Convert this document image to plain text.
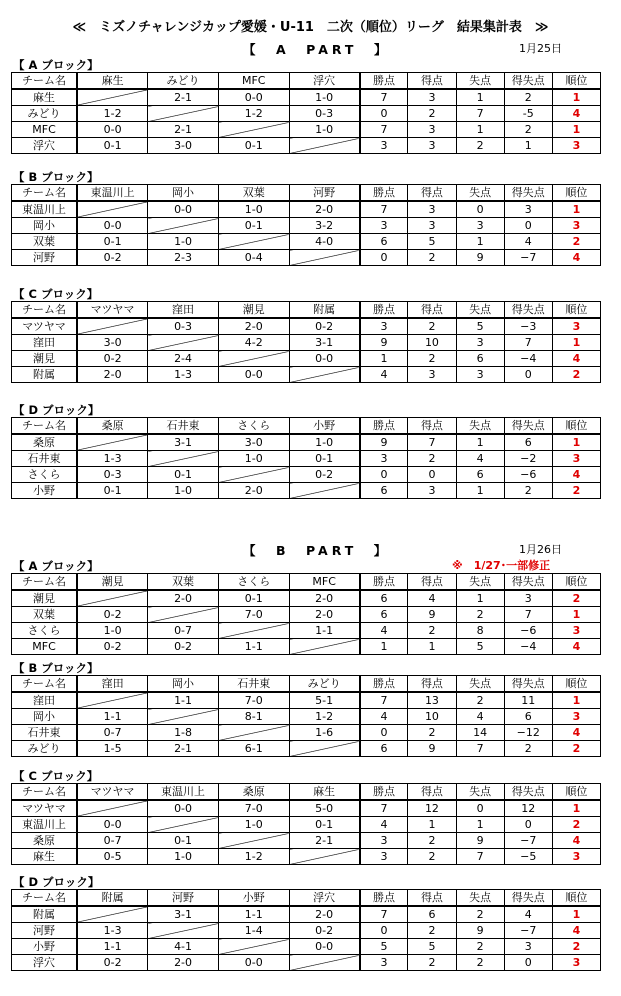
≪　ミズノチャレンジカップ愛媛・U-11　二次（順位）リーグ　結果集計表　≫
【　A　PART　】	1月25日
【　B　PART　】	1月26日
※　1/27･一部修正
【 A ブロック】
チーム名	麻生	みどり	MFC	浮穴	勝点	得点	失点	得失点	順位
麻生		2-1	0-0	1-0	7	3	1	2	1
みどり	1-2		1-2	0-3	0	2	7	-5	4
MFC	0-0	2-1		1-0	7	3	1	2	1
浮穴	0-1	3-0	0-1		3	3	2	1	3
【 B ブロック】
チーム名	東温川上	岡小	双葉	河野	勝点	得点	失点	得失点	順位
東温川上		0-0	1-0	2-0	7	3	0	3	1
岡小	0-0		0-1	3-2	3	3	3	0	3
双葉	0-1	1-0		4-0	6	5	1	4	2
河野	0-2	2-3	0-4		0	2	9	−7	4
【 C ブロック】
チーム名	マツヤマ	窪田	潮見	附属	勝点	得点	失点	得失点	順位
マツヤマ		0-3	2-0	0-2	3	2	5	−3	3
窪田	3-0		4-2	3-1	9	10	3	7	1
潮見	0-2	2-4		0-0	1	2	6	−4	4
附属	2-0	1-3	0-0		4	3	3	0	2
【 D ブロック】
チーム名	桑原	石井東	さくら	小野	勝点	得点	失点	得失点	順位
桑原		3-1	3-0	1-0	9	7	1	6	1
石井東	1-3		1-0	0-1	3	2	4	−2	3
さくら	0-3	0-1		0-2	0	0	6	−6	4
小野	0-1	1-0	2-0		6	3	1	2	2
【 A ブロック】
チーム名	潮見	双葉	さくら	MFC	勝点	得点	失点	得失点	順位
潮見		2-0	0-1	2-0	6	4	1	3	2
双葉	0-2		7-0	2-0	6	9	2	7	1
さくら	1-0	0-7		1-1	4	2	8	−6	3
MFC	0-2	0-2	1-1		1	1	5	−4	4
【 B ブロック】
チーム名	窪田	岡小	石井東	みどり	勝点	得点	失点	得失点	順位
窪田		1-1	7-0	5-1	7	13	2	11	1
岡小	1-1		8-1	1-2	4	10	4	6	3
石井東	0-7	1-8		1-6	0	2	14	−12	4
みどり	1-5	2-1	6-1		6	9	7	2	2
【 C ブロック】
チーム名	マツヤマ	東温川上	桑原	麻生	勝点	得点	失点	得失点	順位
マツヤマ		0-0	7-0	5-0	7	12	0	12	1
東温川上	0-0		1-0	0-1	4	1	1	0	2
桑原	0-7	0-1		2-1	3	2	9	−7	4
麻生	0-5	1-0	1-2		3	2	7	−5	3
【 D ブロック】
チーム名	附属	河野	小野	浮穴	勝点	得点	失点	得失点	順位
附属		3-1	1-1	2-0	7	6	2	4	1
河野	1-3		1-4	0-2	0	2	9	−7	4
小野	1-1	4-1		0-0	5	5	2	3	2
浮穴	0-2	2-0	0-0		3	2	2	0	3
